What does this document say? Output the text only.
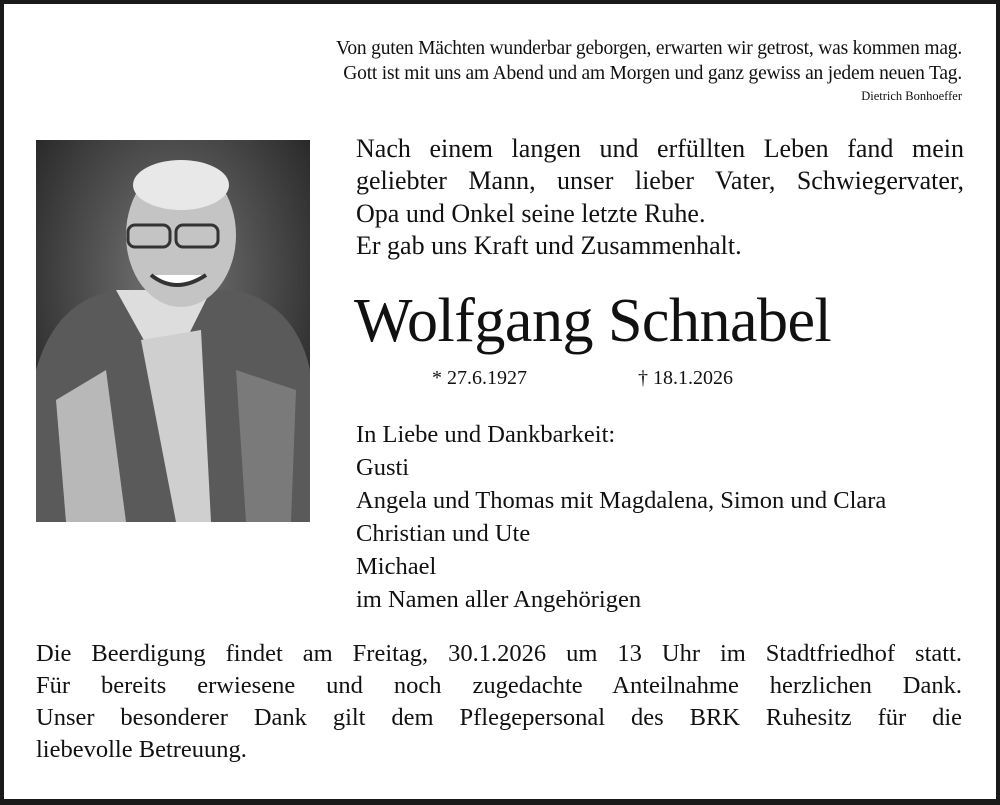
Von guten Mächten wunderbar geborgen, erwarten wir getrost, was kommen mag.
Gott ist mit uns am Abend und am Morgen und ganz gewiss an jedem neuen Tag.
Dietrich Bonhoeffer
Nach einem langen und erfüllten Leben fand mein
geliebter Mann, unser lieber Vater, Schwiegervater,
Opa und Onkel seine letzte Ruhe.
Er gab uns Kraft und Zusammenhalt.
Wolfgang Schnabel
* 27.6.1927	† 18.1.2026
In Liebe und Dankbarkeit:
Gusti
Angela und Thomas mit Magdalena, Simon und Clara
Christian und Ute
Michael
im Namen aller Angehörigen
Die Beerdigung findet am Freitag, 30.1.2026 um 13 Uhr im Stadtfriedhof statt.
Für bereits erwiesene und noch zugedachte Anteilnahme herzlichen Dank.
Unser besonderer Dank gilt dem Pflegepersonal des BRK Ruhesitz für die
liebevolle Betreuung.
